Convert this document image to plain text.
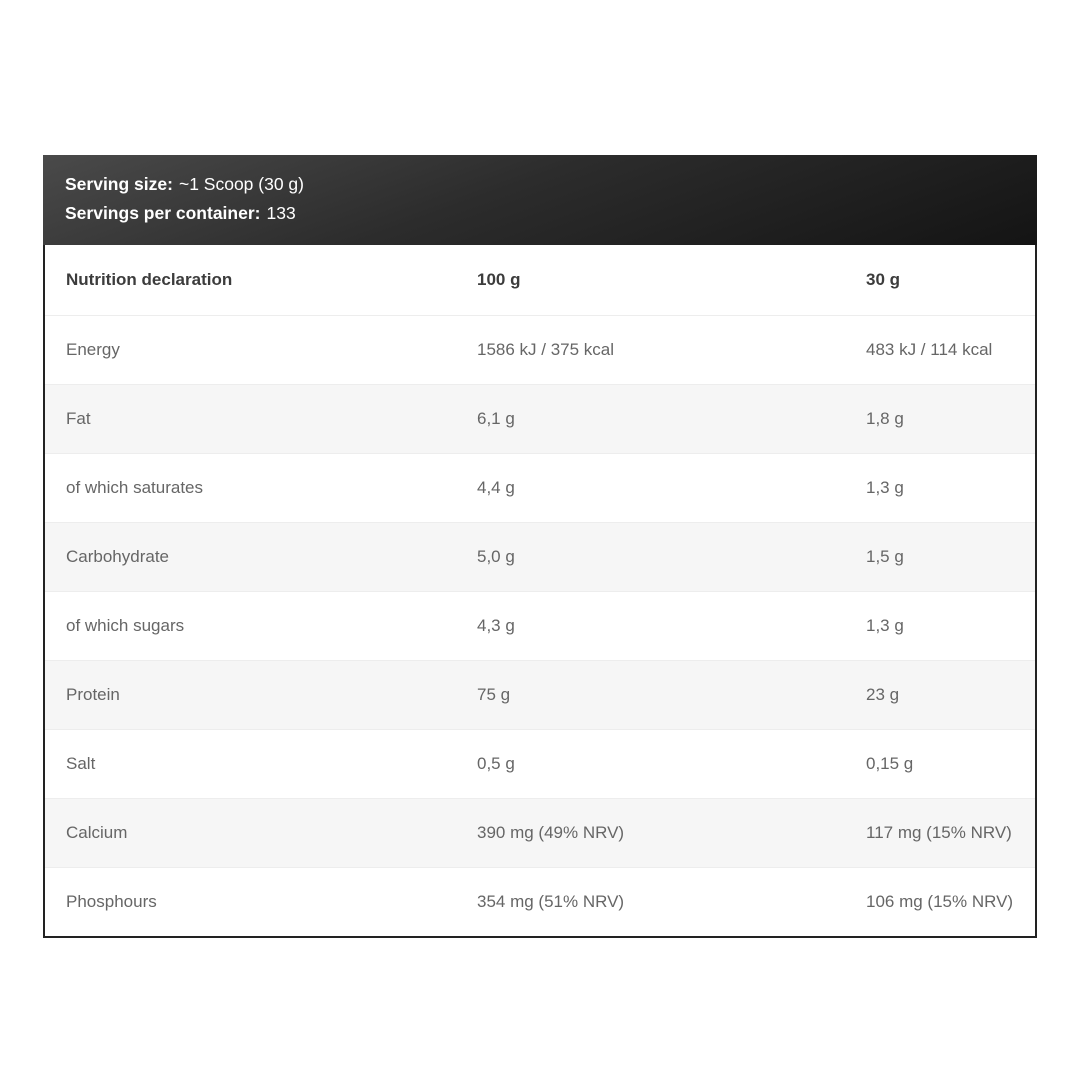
Serving size: ~1 Scoop (30 g)
Servings per container: 133
Nutrition declaration	100 g	30 g
Energy	1586 kJ / 375 kcal	483 kJ / 114 kcal
Fat	6,1 g	1,8 g
of which saturates	4,4 g	1,3 g
Carbohydrate	5,0 g	1,5 g
of which sugars	4,3 g	1,3 g
Protein	75 g	23 g
Salt	0,5 g	0,15 g
Calcium	390 mg (49% NRV)	117 mg (15% NRV)
Phosphours	354 mg (51% NRV)	106 mg (15% NRV)
